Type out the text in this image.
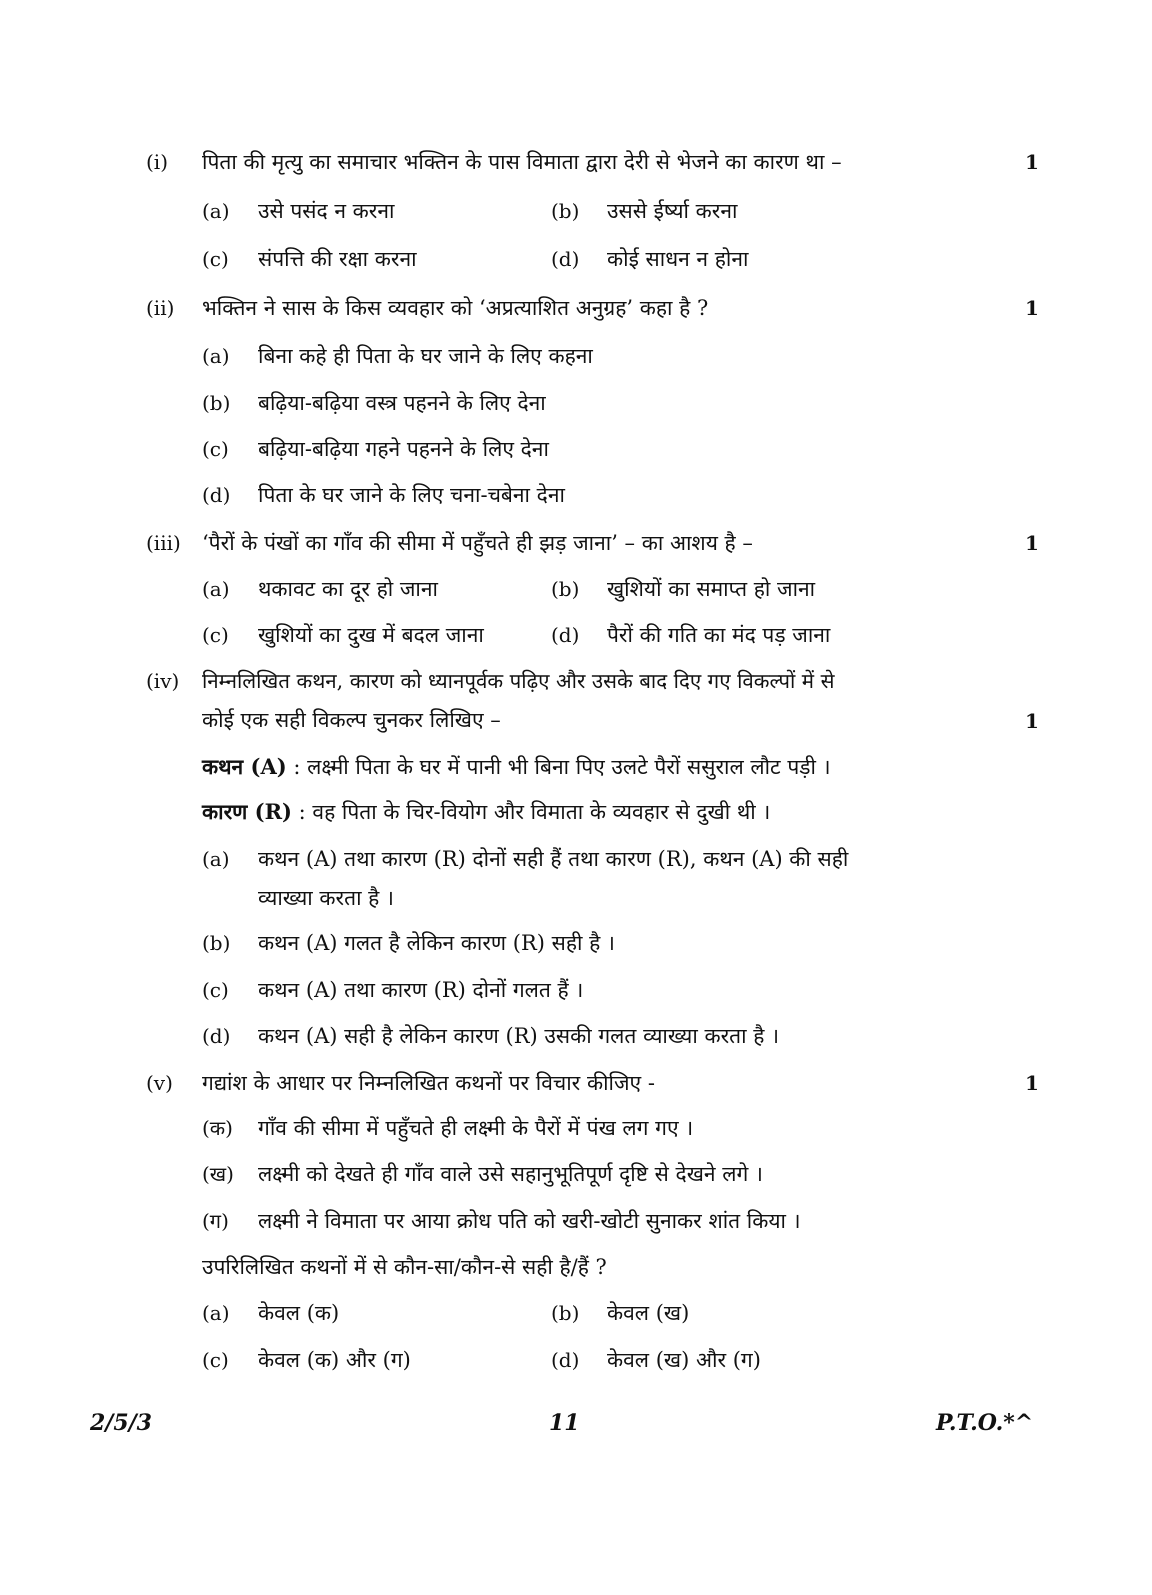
(i) पिता की मृत्यु का समाचार भक्तिन के पास विमाता द्वारा देरी से भेजने का कारण था –	1
(a) उसे पसंद न करना	(b) उससे ईर्ष्या करना
(c) संपत्ति की रक्षा करना	(d) कोई साधन न होना
(ii) भक्तिन ने सास के किस व्यवहार को ‘अप्रत्याशित अनुग्रह’ कहा है ?	1
(a) बिना कहे ही पिता के घर जाने के लिए कहना
(b) बढ़िया-बढ़िया वस्त्र पहनने के लिए देना
(c) बढ़िया-बढ़िया गहने पहनने के लिए देना
(d) पिता के घर जाने के लिए चना-चबेना देना
(iii) ‘पैरों के पंखों का गाँव की सीमा में पहुँचते ही झड़ जाना’ – का आशय है –	1
(a) थकावट का दूर हो जाना	(b) खुशियों का समाप्त हो जाना
(c) खुशियों का दुख में बदल जाना	(d) पैरों की गति का मंद पड़ जाना
(iv) निम्नलिखित कथन, कारण को ध्यानपूर्वक पढ़िए और उसके बाद दिए गए विकल्पों में से
कोई एक सही विकल्प चुनकर लिखिए –	1
कथन (A) : लक्ष्मी पिता के घर में पानी भी बिना पिए उलटे पैरों ससुराल लौट पड़ी ।
कारण (R) : वह पिता के चिर-वियोग और विमाता के व्यवहार से दुखी थी ।
(a) कथन (A) तथा कारण (R) दोनों सही हैं तथा कारण (R), कथन (A) की सही
व्याख्या करता है ।
(b) कथन (A) गलत है लेकिन कारण (R) सही है ।
(c) कथन (A) तथा कारण (R) दोनों गलत हैं ।
(d) कथन (A) सही है लेकिन कारण (R) उसकी गलत व्याख्या करता है ।
(v) गद्यांश के आधार पर निम्नलिखित कथनों पर विचार कीजिए -	1
(क) गाँव की सीमा में पहुँचते ही लक्ष्मी के पैरों में पंख लग गए ।
(ख) लक्ष्मी को देखते ही गाँव वाले उसे सहानुभूतिपूर्ण दृष्टि से देखने लगे ।
(ग) लक्ष्मी ने विमाता पर आया क्रोध पति को खरी-खोटी सुनाकर शांत किया ।
उपरिलिखित कथनों में से कौन-सा/कौन-से सही है/हैं ?
(a) केवल (क)	(b) केवल (ख)
(c) केवल (क) और (ग)	(d) केवल (ख) और (ग)
2/5/3	11	P.T.O.*^
